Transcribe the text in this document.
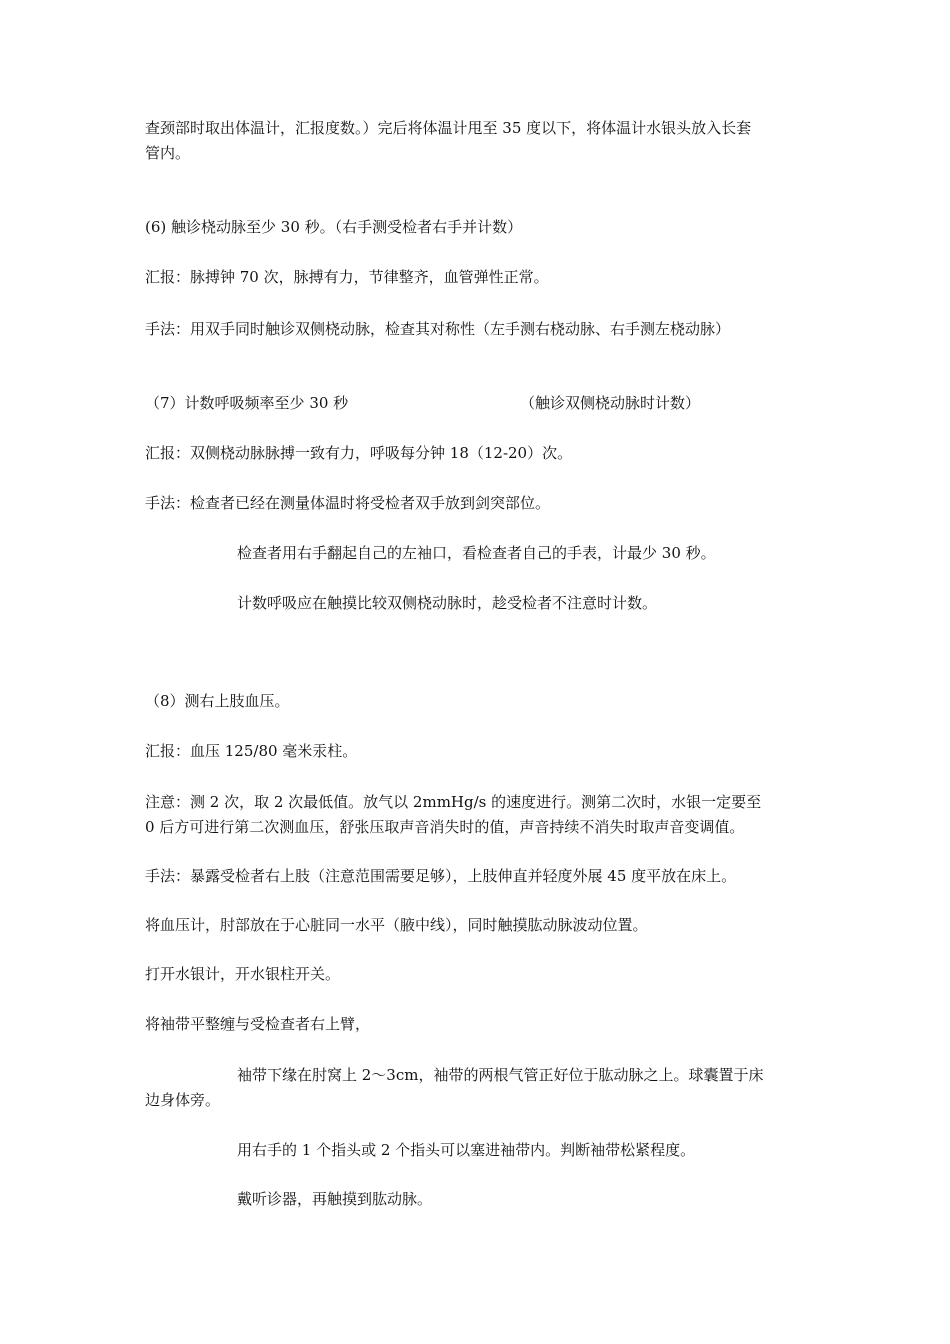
查颈部时取出体温计，汇报度数。）完后将体温计甩至 35 度以下，将体温计水银头放入长套
管内。
(6) 触诊桡动脉至少 30 秒。（右手测受检者右手并计数）
汇报：脉搏钟 70 次，脉搏有力，节律整齐，血管弹性正常。
手法：用双手同时触诊双侧桡动脉，检查其对称性（左手测右桡动脉、右手测左桡动脉）
（7）计数呼吸频率至少 30 秒	（触诊双侧桡动脉时计数）
汇报：双侧桡动脉脉搏一致有力，呼吸每分钟 18（12-20）次。
手法：检查者已经在测量体温时将受检者双手放到剑突部位。
检查者用右手翻起自己的左袖口，看检查者自己的手表，计最少 30 秒。
计数呼吸应在触摸比较双侧桡动脉时，趁受检者不注意时计数。
（8）测右上肢血压。
汇报：血压 125/80 毫米汞柱。
注意：测 2 次，取 2 次最低值。放气以 2mmHg/s 的速度进行。测第二次时，水银一定要至
0 后方可进行第二次测血压，舒张压取声音消失时的值，声音持续不消失时取声音变调值。
手法：暴露受检者右上肢（注意范围需要足够），上肢伸直并轻度外展 45 度平放在床上。
将血压计，肘部放在于心脏同一水平（腋中线），同时触摸肱动脉波动位置。
打开水银计，开水银柱开关。
将袖带平整缠与受检查者右上臂，
袖带下缘在肘窝上 2～3cm，袖带的两根气管正好位于肱动脉之上。球囊置于床
边身体旁。
用右手的 1 个指头或 2 个指头可以塞进袖带内。判断袖带松紧程度。
戴听诊器，再触摸到肱动脉。
